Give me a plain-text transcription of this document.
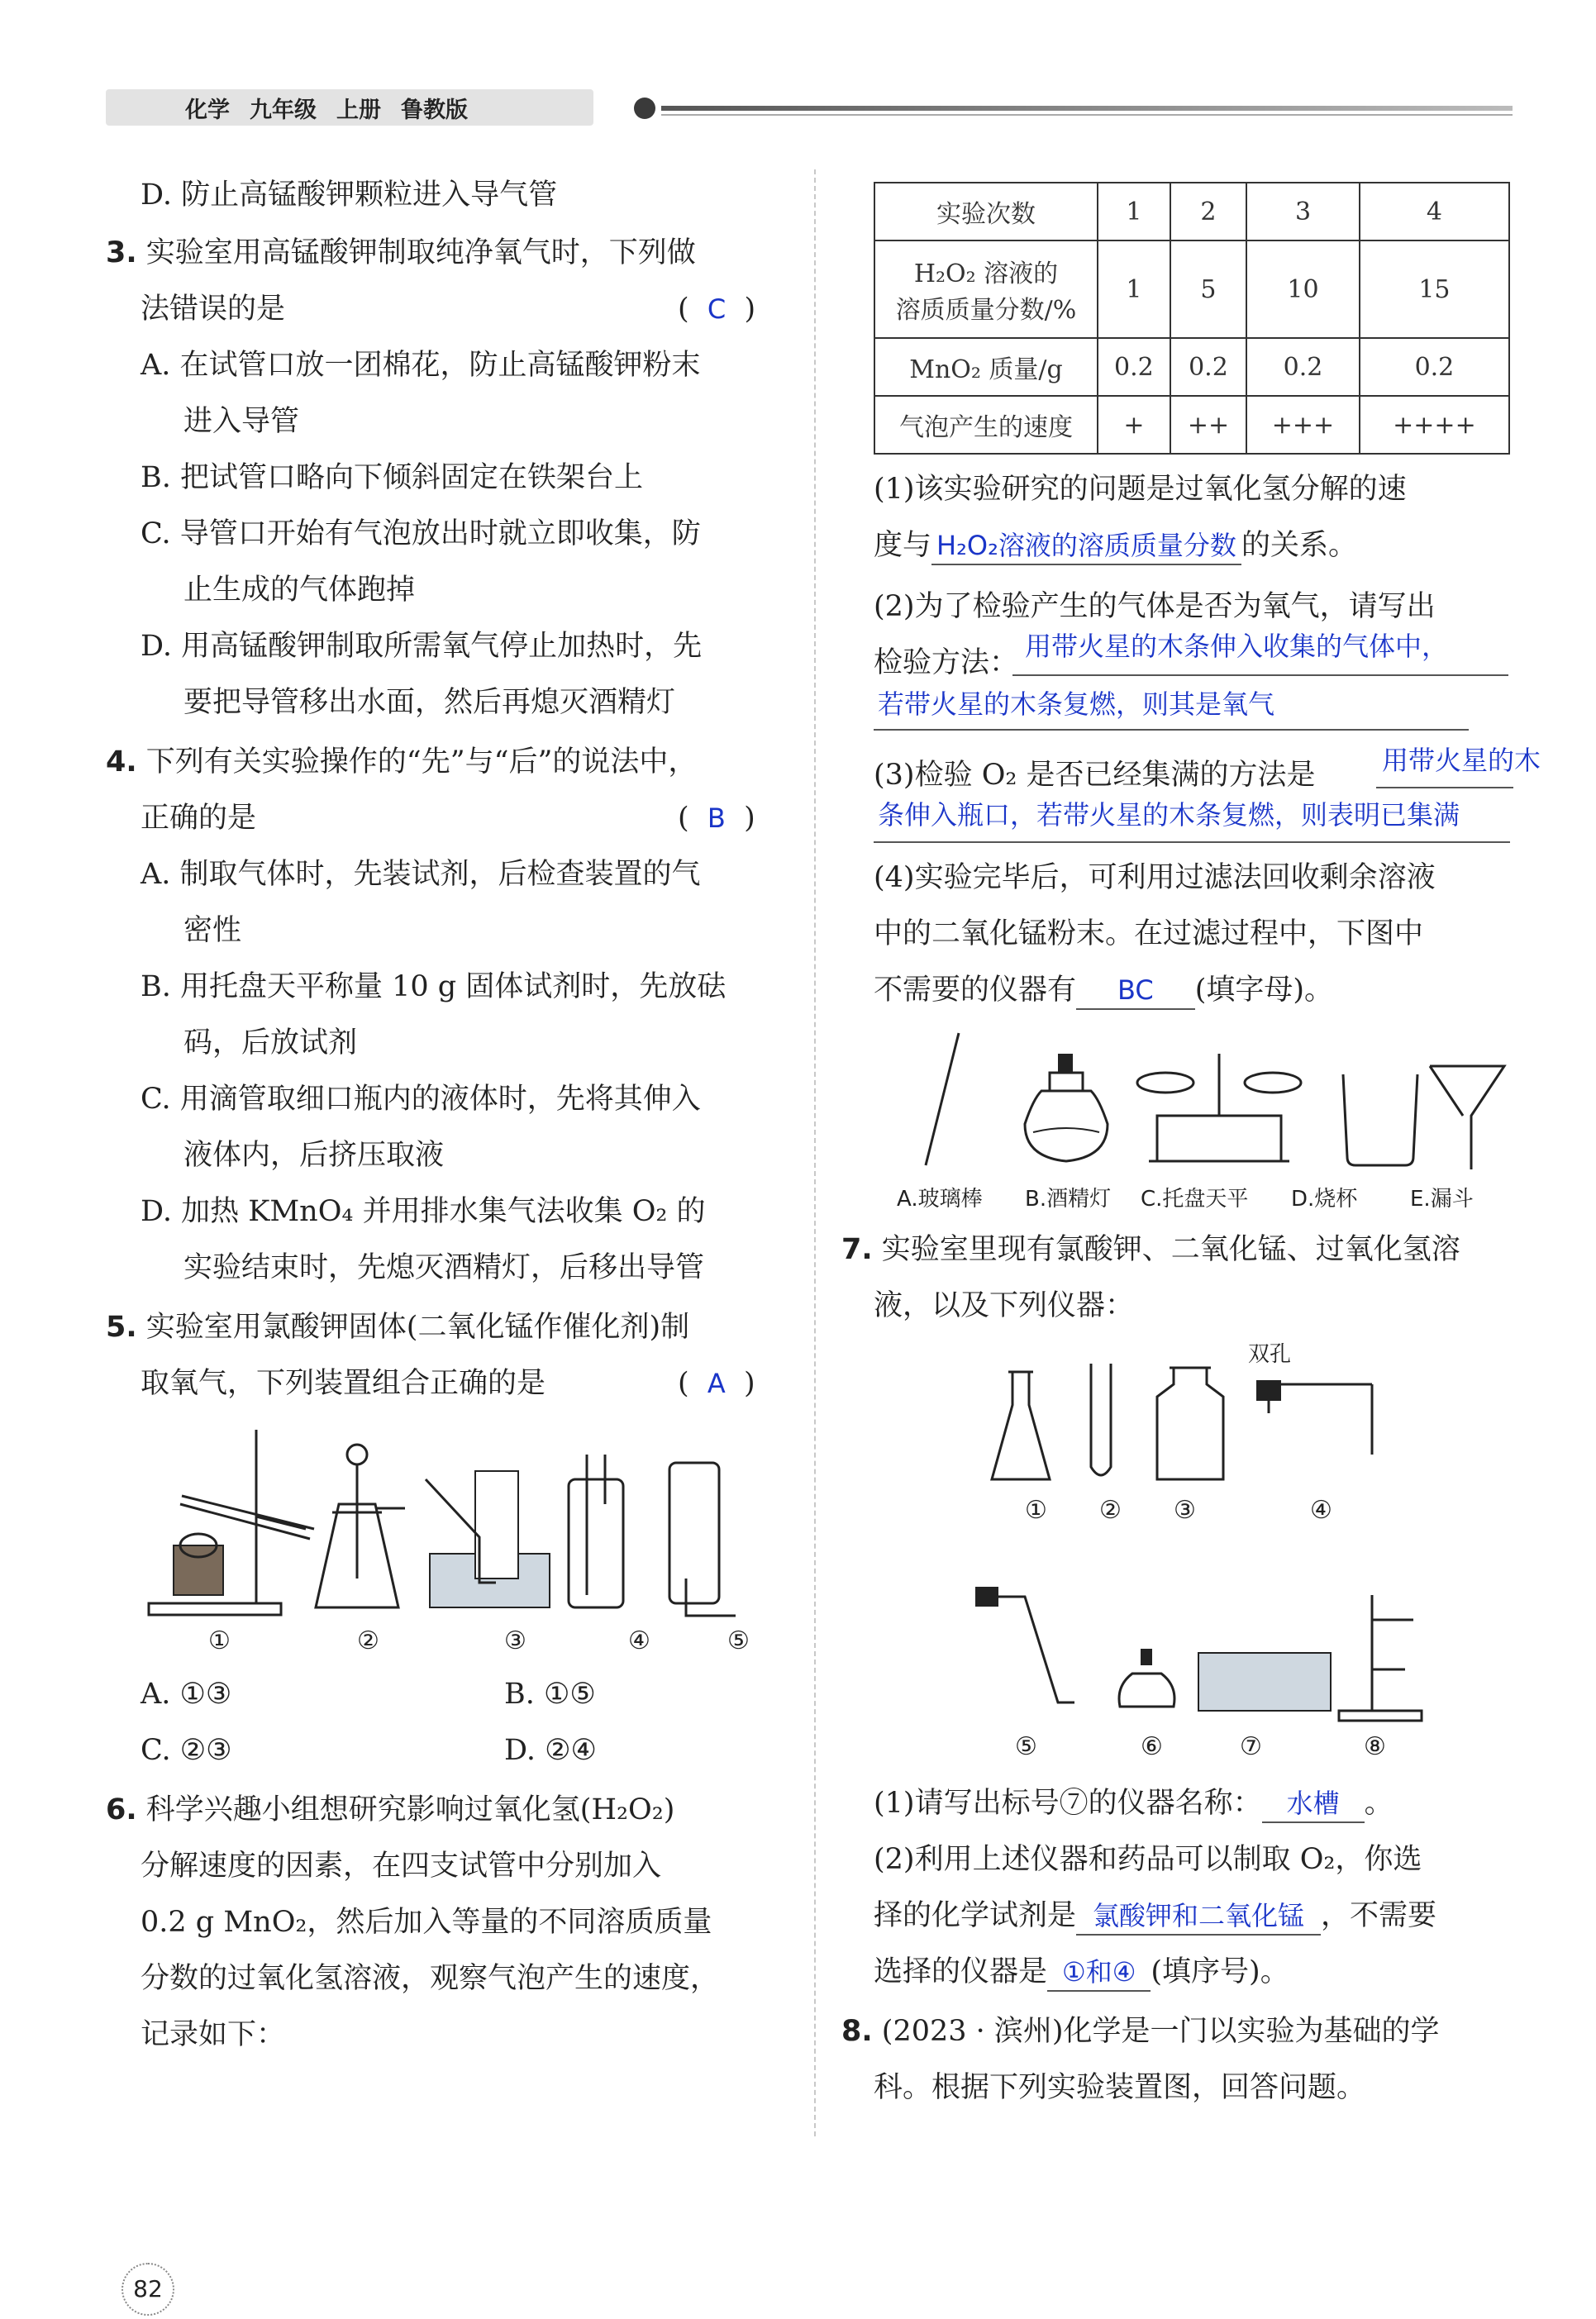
化学 九年级 上册 鲁教版
D. 防止高锰酸钾颗粒进入导气管
3. 实验室用高锰酸钾制取纯净氧气时，下列做
法错误的是	(  C  )
A. 在试管口放一团棉花，防止高锰酸钾粉末
进入导管
B. 把试管口略向下倾斜固定在铁架台上
C. 导管口开始有气泡放出时就立即收集，防
止生成的气体跑掉
D. 用高锰酸钾制取所需氧气停止加热时，先
要把导管移出水面，然后再熄灭酒精灯
4. 下列有关实验操作的“先”与“后”的说法中，
正确的是	(  B  )
A. 制取气体时，先装试剂，后检查装置的气
密性
B. 用托盘天平称量 10 g 固体试剂时，先放砝
码，后放试剂
C. 用滴管取细口瓶内的液体时，先将其伸入
液体内，后挤压取液
D. 加热 KMnO₄ 并用排水集气法收集 O₂ 的
实验结束时，先熄灭酒精灯，后移出导管
5. 实验室用氯酸钾固体(二氧化锰作催化剂)制
取氧气，下列装置组合正确的是	(  A  )
①	②	③	④	⑤
A. ①③	B. ①⑤
C. ②③	D. ②④
6. 科学兴趣小组想研究影响过氧化氢(H₂O₂)
分解速度的因素，在四支试管中分别加入
0.2 g MnO₂，然后加入等量的不同溶质质量
分数的过氧化氢溶液，观察气泡产生的速度，
记录如下：
82
实验次数	1	2	3	4

H₂O₂ 溶液的
溶质质量分数/%	1	5	10	15
MnO₂ 质量/g	0.2	0.2	0.2	0.2
气泡产生的速度	+	++	+++	++++
(1)该实验研究的问题是过氧化氢分解的速
度与 H₂O₂溶液的溶质质量分数 的关系。
(2)为了检验产生的气体是否为氧气，请写出
检验方法： 用带火星的木条伸入收集的气体中，
若带火星的木条复燃，则其是氧气
(3)检验 O₂ 是否已经集满的方法是	用带火星的木
条伸入瓶口，若带火星的木条复燃，则表明已集满
(4)实验完毕后，可利用过滤法回收剩余溶液
中的二氧化锰粉末。在过滤过程中，下图中
不需要的仪器有 BC (填字母)。
A.玻璃棒 B.酒精灯 C.托盘天平 D.烧杯 E.漏斗
7. 实验室里现有氯酸钾、二氧化锰、过氧化氢溶
液，以及下列仪器：
双孔
① ② ③	④
⑤	⑥	⑦	⑧
(1)请写出标号⑦的仪器名称： 水槽 。
(2)利用上述仪器和药品可以制取 O₂，你选
择的化学试剂是 氯酸钾和二氧化锰 ，不需要
选择的仪器是 ①和④ (填序号)。
8. (2023 · 滨州)化学是一门以实验为基础的学
科。根据下列实验装置图，回答问题。
